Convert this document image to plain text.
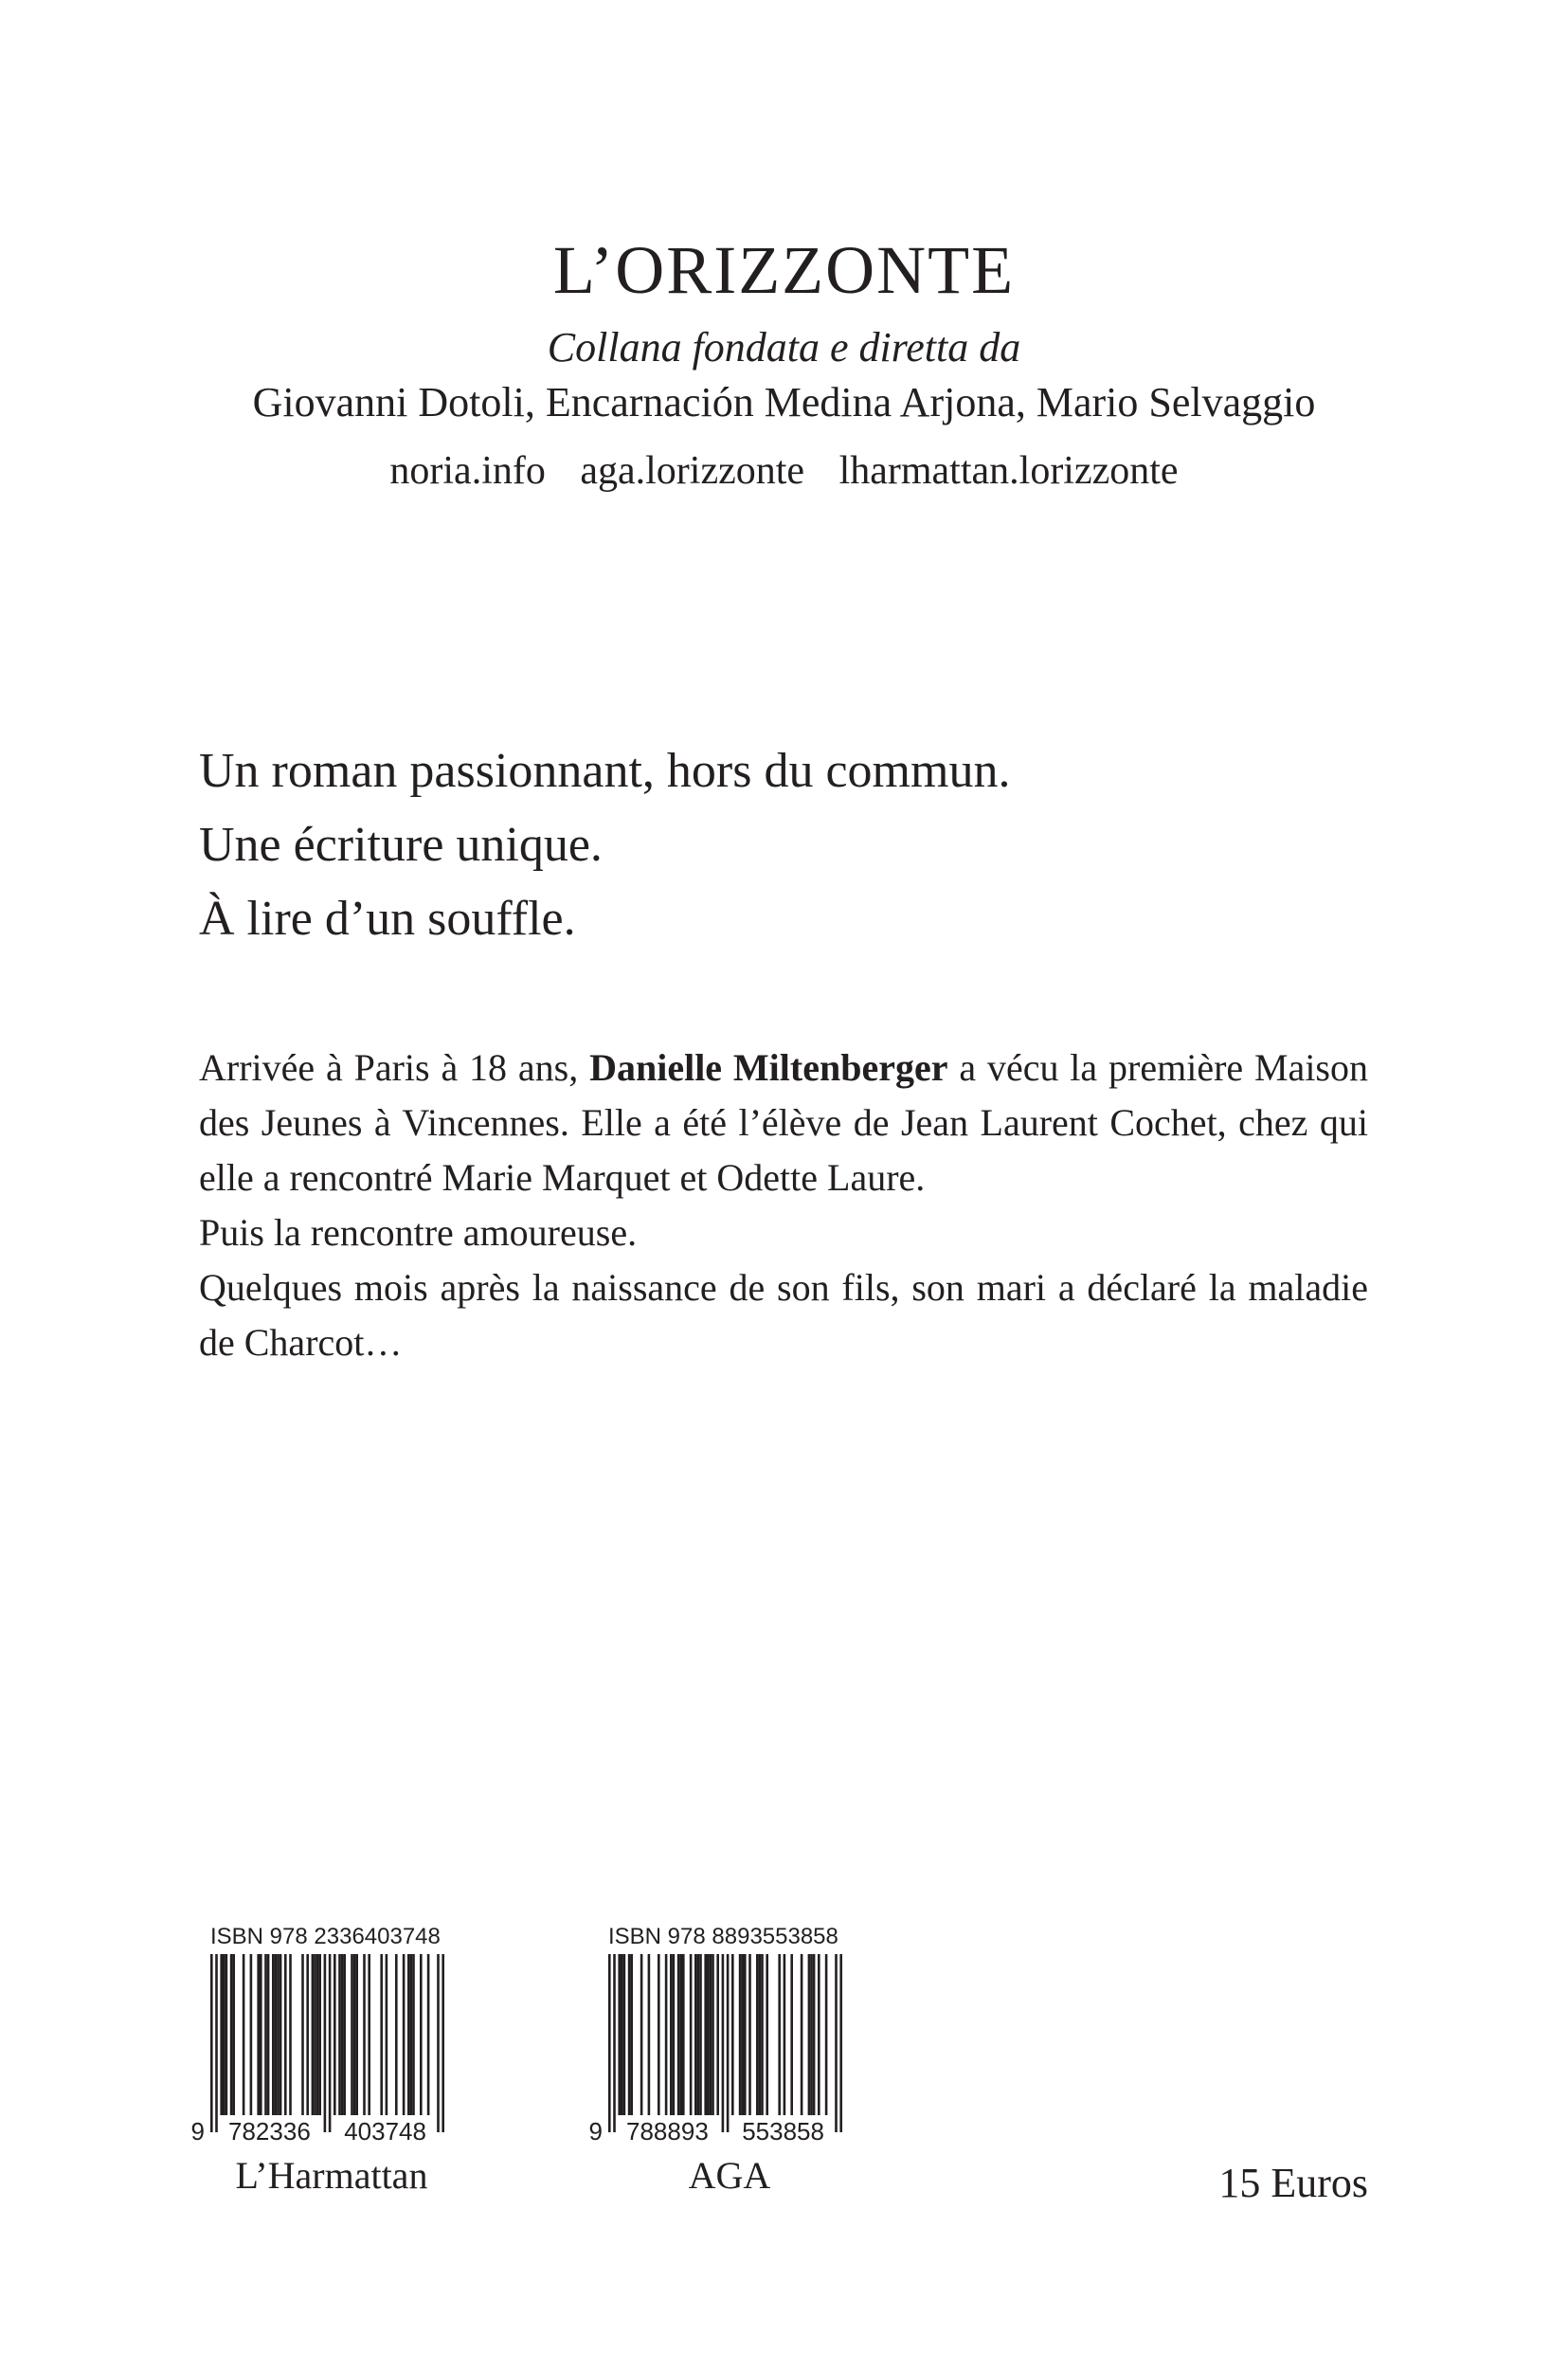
L’ORIZZONTE
Collana fondata e diretta da
Giovanni Dotoli, Encarnación Medina Arjona, Mario Selvaggio
noria.info aga.lorizzonte lharmattan.lorizzonte
Un roman passionnant, hors du commun.
Une écriture unique.
À lire d’un souffle.

Arrivée à Paris à 18 ans, Danielle Miltenberger a vécu la première Maison des Jeunes à Vincennes. Elle a été l’élève de Jean Laurent Cochet, chez qui elle a rencontré Marie Marquet et Odette Laure.

Puis la rencontre amoureuse.

Quelques mois après la naissance de son fils, son mari a déclaré la maladie de Charcot…

ISBN 978 2336403748
9 782336 403748
L’Harmattan
ISBN 978 8893553858
9 788893 553858
AGA	15 Euros
